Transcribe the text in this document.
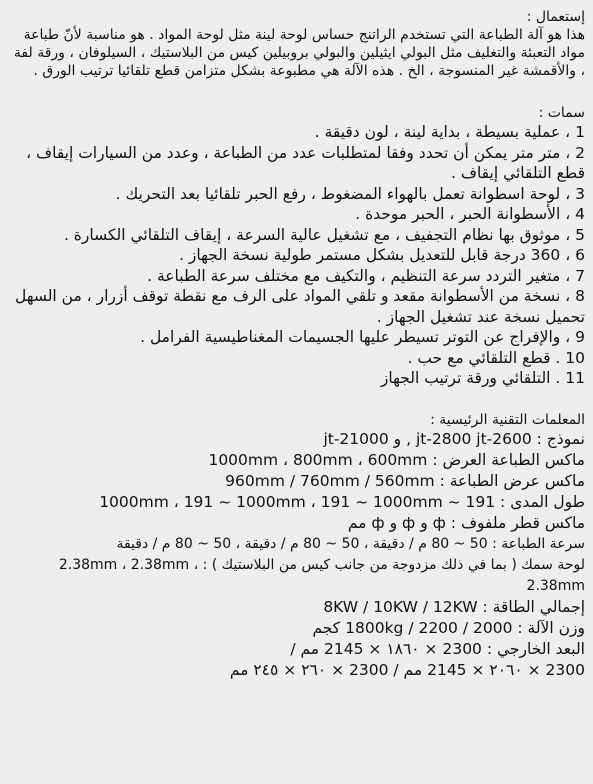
إستعمال :

هذا هو آلة الطباعة التي تستخدم الراتنج حساس لوحة لينة مثل لوحة المواد . هو مناسبة لأنّ طباعة مواد التعبئة والتغليف مثل البولي ايثيلين والبولي بروبيلين كيس من البلاستيك ، السيلوفان ، ورقة لفة ، والأقمشة غير المنسوجة ، الخ . هذه الآلة هي مطبوعة بشكل متزامن قطع تلقائيا ترتيب الورق .

سمات :

1 ، عملية بسيطة ، بداية لينة ، لون دقيقة .
2 ، متر متر يمكن أن تحدد وفقا لمتطلبات عدد من الطباعة ، وعدد من السيارات إيقاف ، قطع التلقائي إيقاف .
3 ، لوحة اسطوانة تعمل بالهواء المضغوط ، رفع الحبر تلقائيا بعد التحريك .
4 ، الأسطوانة الحبر ، الحبر موحدة .
5 ، موثوق بها نظام التجفيف ، مع تشغيل عالية السرعة ، إيقاف التلقائي الكسارة .
6 ، 360 درجة قابل للتعديل بشكل مستمر طولية نسخة الجهاز .
7 ، متغير التردد سرعة التنظيم ، والتكيف مع مختلف سرعة الطباعة .
8 ، نسخة من الأسطوانة مقعد و تلقي المواد على الرف مع نقطة توقف أزرار ، من السهل تحميل نسخة عند تشغيل الجهاز .
9 ، والإفراج عن التوتر تسيطر عليها الجسيمات المغناطيسية الفرامل .
10 . قطع التلقائي مع حب .
11 . التلقائي ورقة ترتيب الجهاز

المعلمات التقنية الرئيسية :

نموذج : jt-2800 jt-2600 , و jt-21000

ماكس الطباعة العرض : 1000mm ، 800mm ، 600mm

ماكس عرض الطباعة : 960mm / 760mm / 560mm

طول المدى : 191 ~ 1000mm ، 191 ~ 1000mm ، 191 ~ 1000mm

ماكس قطر ملفوف : ф و ф و ф مم

سرعة الطباعة : 50 ~ 80 م / دقيقة ، 50 ~ 80 م / دقيقة ، 50 ~ 80 م / دقيقة

لوحة سمك ( بما في ذلك مزدوجة من جانب كيس من البلاستيك ) : ، 2.38mm ، 2.38mm 2.38mm

إجمالي الطاقة : 8KW / 10KW / 12KW

وزن الآلة : 2000 / 1800kg / 2200 كجم

البعد الخارجي : 2300 × ١٨٦٠ × 2145 مم /

2300 × ٢٠٦٠ × 2145 مم / 2300 × ٢٦٠ × ٢٤٥ مم
